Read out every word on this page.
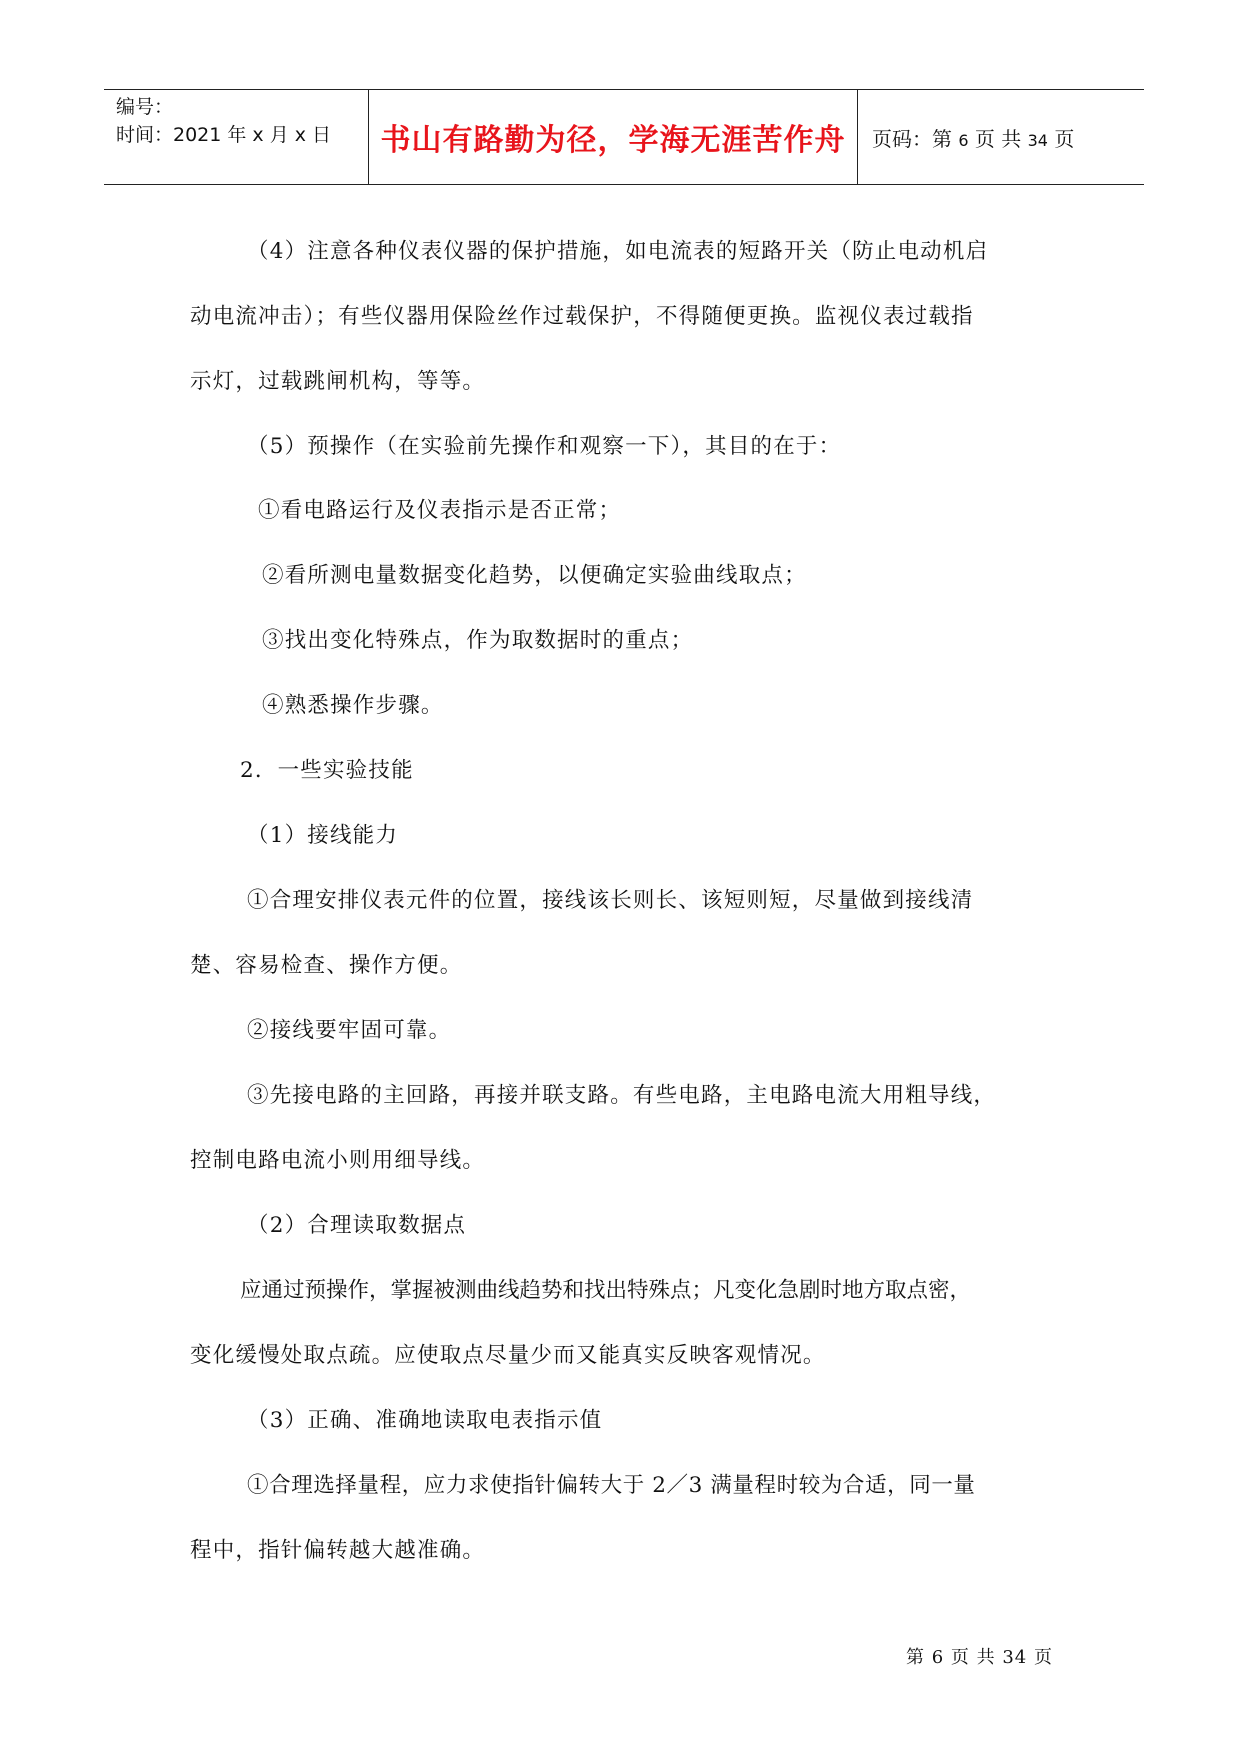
编号：
时间：2021 年 x 月 x 日 书山有路勤为径，学海无涯苦作舟 页码：第 6 页 共 34 页
（4）注意各种仪表仪器的保护措施，如电流表的短路开关（防止电动机启
动电流冲击）；有些仪器用保险丝作过载保护，不得随便更换。监视仪表过载指
示灯，过载跳闸机构，等等。
（5）预操作（在实验前先操作和观察一下），其目的在于：
①看电路运行及仪表指示是否正常；
②看所测电量数据变化趋势，以便确定实验曲线取点；
③找出变化特殊点，作为取数据时的重点；
④熟悉操作步骤。
2．一些实验技能
（1）接线能力
①合理安排仪表元件的位置，接线该长则长、该短则短，尽量做到接线清
楚、容易检查、操作方便。
②接线要牢固可靠。
③先接电路的主回路，再接并联支路。有些电路，主电路电流大用粗导线，
控制电路电流小则用细导线。
（2）合理读取数据点
应通过预操作，掌握被测曲线趋势和找出特殊点；凡变化急剧时地方取点密，
变化缓慢处取点疏。应使取点尽量少而又能真实反映客观情况。
（3）正确、准确地读取电表指示值
①合理选择量程，应力求使指针偏转大于 2／3 满量程时较为合适，同一量
程中，指针偏转越大越准确。
第 6 页 共 34 页
